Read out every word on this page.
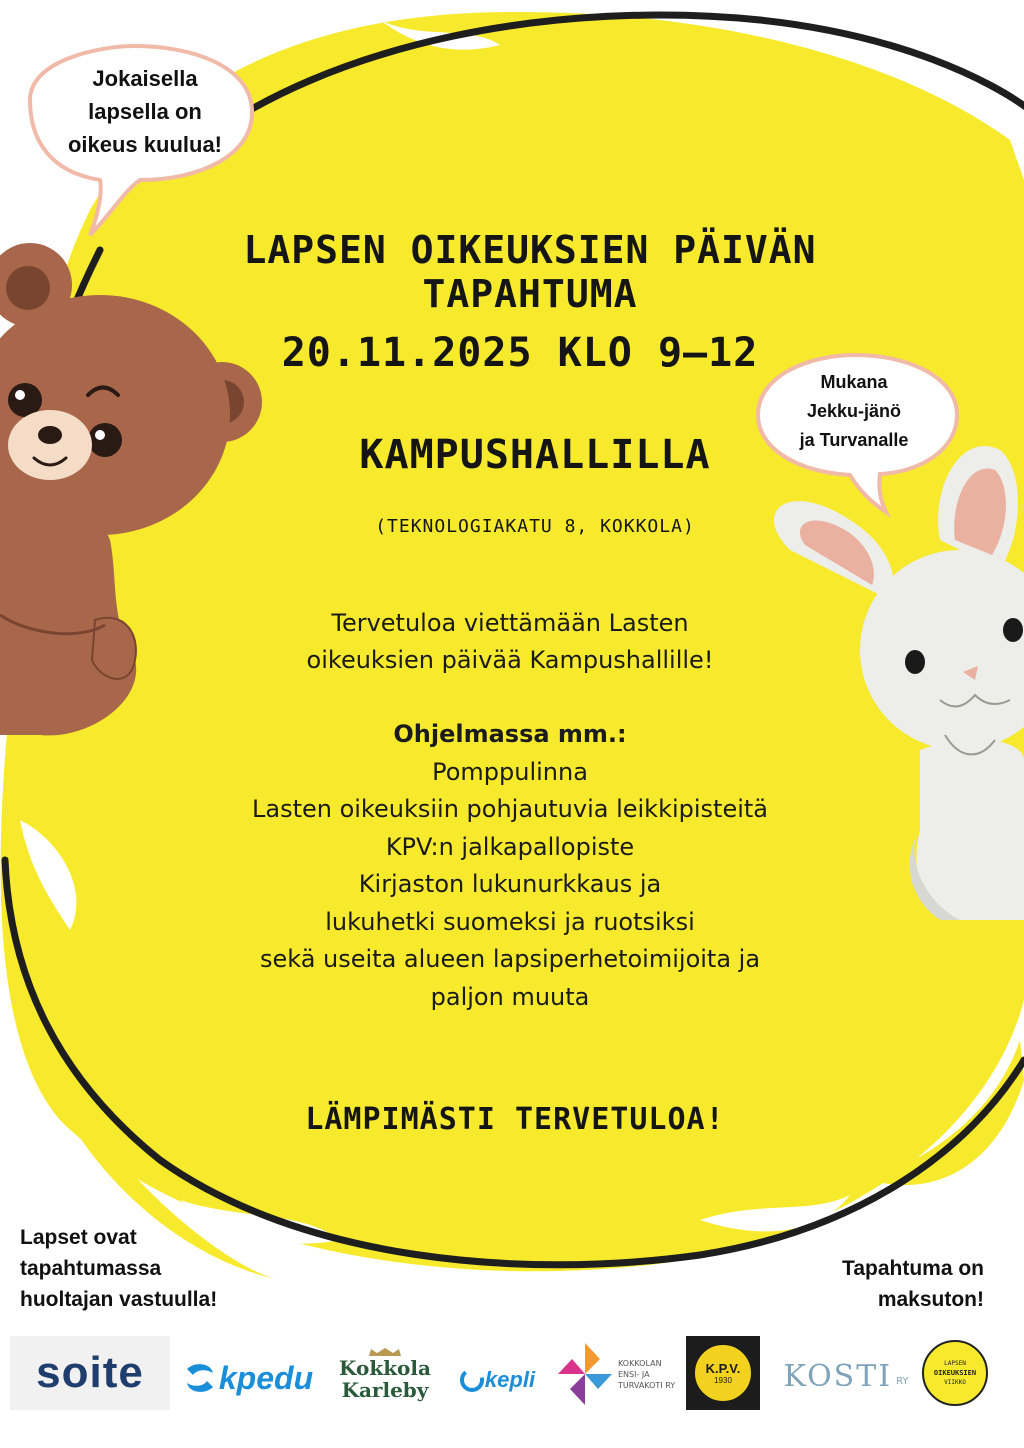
Jokaisella
lapsella on
oikeus kuulua!
Mukana
Jekku-jänö
ja Turvanalle
LAPSEN OIKEUKSIEN PÄIVÄN TAPAHTUMA
20.11.2025 KLO 9–12
KAMPUSHALLILLA
(TEKNOLOGIAKATU 8, KOKKOLA)
Tervetuloa viettämään Lasten
oikeuksien päivää Kampushallille!
Ohjelmassa mm.:
Pomppulinna
Lasten oikeuksiin pohjautuvia leikkipisteitä
KPV:n jalkapallopiste
Kirjaston lukunurkkaus ja
lukuhetki suomeksi ja ruotsiksi
sekä useita alueen lapsiperhetoimijoita ja
paljon muuta
LÄMPIMÄSTI TERVETULOA!
Lapset ovat
tapahtumassa
huoltajan vastuulla!
Tapahtuma on
maksuton!
soite kpedu Kokkola
Karleby	kepli
KOKKOLAN
ENSI- JA
TURVAKOTI RY
K.P.V.
1930 KOSTI RY
LAPSEN
OIKEUKSIEN
VIIKKO
